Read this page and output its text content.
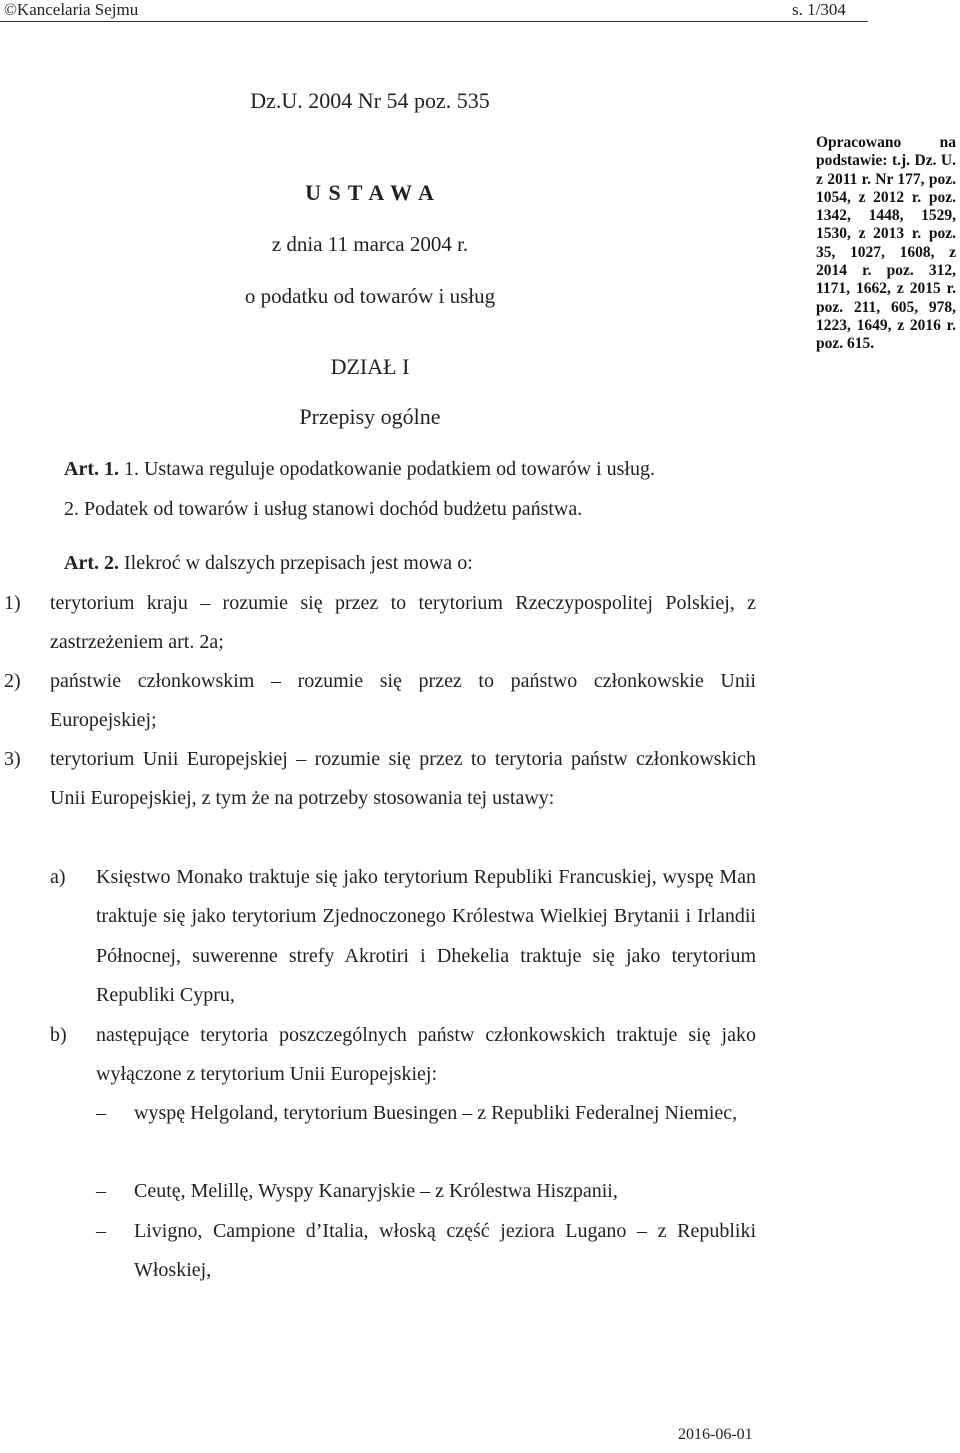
©Kancelaria Sejmu	s. 1/304
Dz.U. 2004 Nr 54 poz. 535
U S T A W A
z dnia 11 marca 2004 r.
o podatku od towarów i usług
DZIAŁ I
Przepisy ogólne
Opracowano na podstawie: t.j. Dz. U. z 2011 r. Nr 177, poz. 1054, z 2012 r. poz. 1342, 1448, 1529, 1530, z 2013 r. poz. 35, 1027, 1608, z 2014 r. poz. 312, 1171, 1662, z 2015 r. poz. 211, 605, 978, 1223, 1649, z 2016 r. poz. 615.
Art. 1. 1. Ustawa reguluje opodatkowanie podatkiem od towarów i usług.
2. Podatek od towarów i usług stanowi dochód budżetu państwa.
Art. 2. Ilekroć w dalszych przepisach jest mowa o:
1) terytorium kraju – rozumie się przez to terytorium Rzeczypospolitej Polskiej, z zastrzeżeniem art. 2a;
2) państwie członkowskim – rozumie się przez to państwo członkowskie Unii Europejskiej;
3) terytorium Unii Europejskiej – rozumie się przez to terytoria państw członkowskich Unii Europejskiej, z tym że na potrzeby stosowania tej ustawy:
a) Księstwo Monako traktuje się jako terytorium Republiki Francuskiej, wyspę Man traktuje się jako terytorium Zjednoczonego Królestwa Wielkiej Brytanii i Irlandii Północnej, suwerenne strefy Akrotiri i Dhekelia traktuje się jako terytorium Republiki Cypru,
b) następujące terytoria poszczególnych państw członkowskich traktuje się jako wyłączone z terytorium Unii Europejskiej:
– wyspę Helgoland, terytorium Buesingen – z Republiki Federalnej Niemiec,
– Ceutę, Melillę, Wyspy Kanaryjskie – z Królestwa Hiszpanii,
– Livigno, Campione d’Italia, włoską część jeziora Lugano – z Republiki Włoskiej,
2016-06-01
